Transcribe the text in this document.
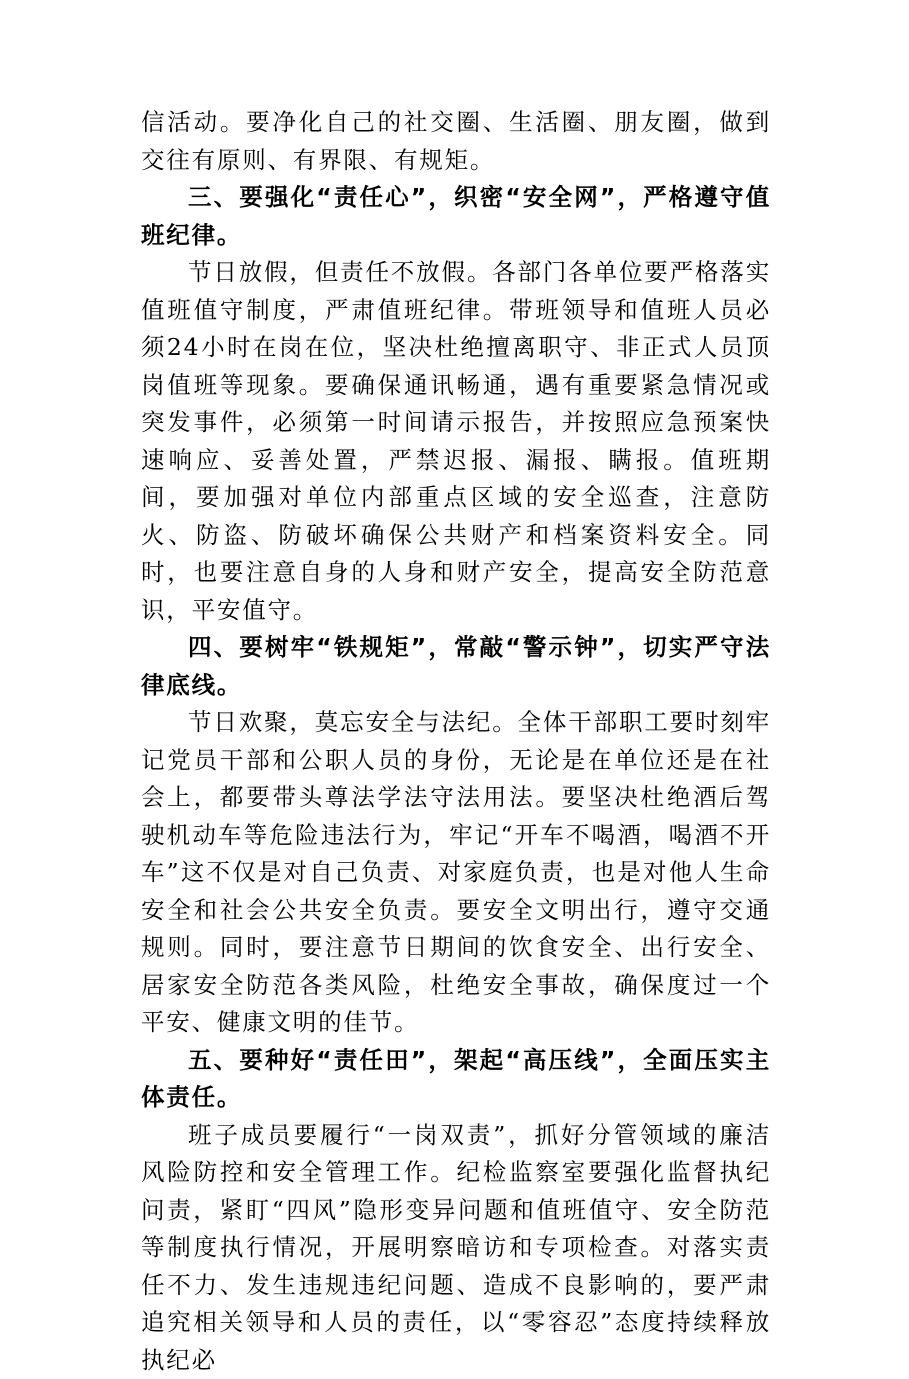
信活动。要净化自己的社交圈、生活圈、朋友圈，做到交往有原则、有界限、有规矩。

三、要强化“责任心”，织密“安全网”，严格遵守值班纪律。

节日放假，但责任不放假。各部门各单位要严格落实值班值守制度，严肃值班纪律。带班领导和值班人员必须24小时在岗在位，坚决杜绝擅离职守、非正式人员顶岗值班等现象。要确保通讯畅通，遇有重要紧急情况或突发事件，必须第一时间请示报告，并按照应急预案快速响应、妥善处置，严禁迟报、漏报、瞒报。值班期间，要加强对单位内部重点区域的安全巡查，注意防火、防盗、防破坏确保公共财产和档案资料安全。同时，也要注意自身的人身和财产安全，提高安全防范意识，平安值守。

四、要树牢“铁规矩”，常敲“警示钟”，切实严守法律底线。

节日欢聚，莫忘安全与法纪。全体干部职工要时刻牢记党员干部和公职人员的身份，无论是在单位还是在社会上，都要带头尊法学法守法用法。要坚决杜绝酒后驾驶机动车等危险违法行为，牢记“开车不喝酒，喝酒不开车”这不仅是对自己负责、对家庭负责，也是对他人生命安全和社会公共安全负责。要安全文明出行，遵守交通规则。同时，要注意节日期间的饮食安全、出行安全、居家安全防范各类风险，杜绝安全事故，确保度过一个平安、健康文明的佳节。

五、要种好“责任田”，架起“高压线”，全面压实主体责任。

班子成员要履行“一岗双责”，抓好分管领域的廉洁风险防控和安全管理工作。纪检监察室要强化监督执纪问责，紧盯“四风”隐形变异问题和值班值守、安全防范等制度执行情况，开展明察暗访和专项检查。对落实责任不力、发生违规违纪问题、造成不良影响的，要严肃追究相关领导和人员的责任，以“零容忍”态度持续释放执纪必
